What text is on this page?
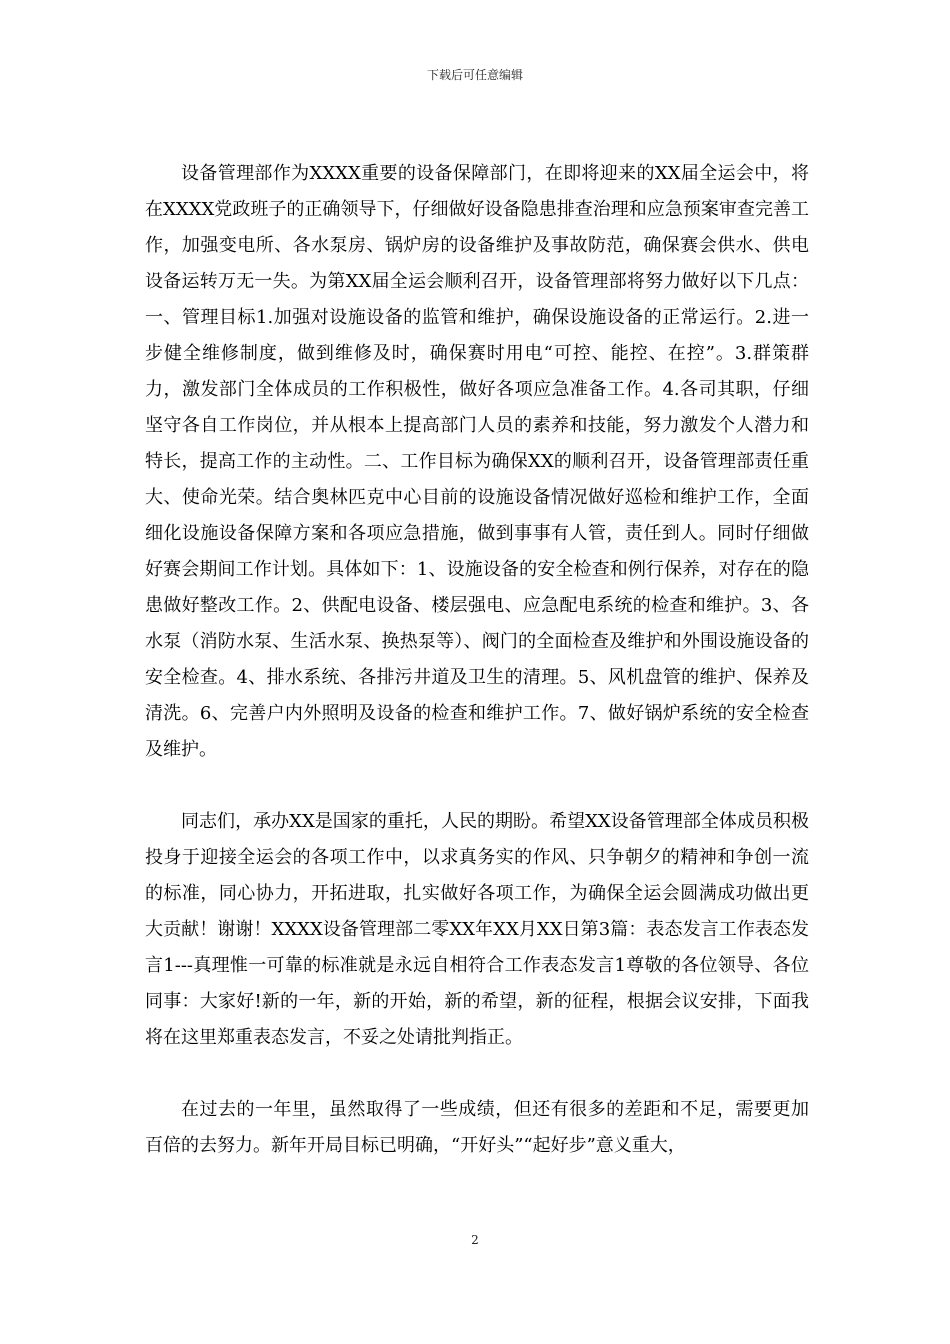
下载后可任意编辑

设备管理部作为XXXX重要的设备保障部门，在即将迎来的XX届全运会中，将在XXXX党政班子的正确领导下，仔细做好设备隐患排查治理和应急预案审查完善工作，加强变电所、各水泵房、锅炉房的设备维护及事故防范，确保赛会供水、供电设备运转万无一失。为第XX届全运会顺利召开，设备管理部将努力做好以下几点：一、管理目标1.加强对设施设备的监管和维护，确保设施设备的正常运行。2.进一步健全维修制度，做到维修及时，确保赛时用电“可控、能控、在控”。3.群策群力，激发部门全体成员的工作积极性，做好各项应急准备工作。4.各司其职，仔细坚守各自工作岗位，并从根本上提高部门人员的素养和技能，努力激发个人潜力和特长，提高工作的主动性。二、工作目标为确保XX的顺利召开，设备管理部责任重大、使命光荣。结合奥林匹克中心目前的设施设备情况做好巡检和维护工作，全面细化设施设备保障方案和各项应急措施，做到事事有人管，责任到人。同时仔细做好赛会期间工作计划。具体如下：1、设施设备的安全检查和例行保养，对存在的隐患做好整改工作。2、供配电设备、楼层强电、应急配电系统的检查和维护。3、各水泵（消防水泵、生活水泵、换热泵等）、阀门的全面检查及维护和外围设施设备的安全检查。4、排水系统、各排污井道及卫生的清理。5、风机盘管的维护、保养及清洗。6、完善户内外照明及设备的检查和维护工作。7、做好锅炉系统的安全检查及维护。

同志们，承办XX是国家的重托，人民的期盼。希望XX设备管理部全体成员积极投身于迎接全运会的各项工作中，以求真务实的作风、只争朝夕的精神和争创一流的标准，同心协力，开拓进取，扎实做好各项工作，为确保全运会圆满成功做出更大贡献！谢谢！XXXX设备管理部二零XX年XX月XX日第3篇：表态发言工作表态发言1---真理惟一可靠的标准就是永远自相符合工作表态发言1尊敬的各位领导、各位同事：大家好!新的一年，新的开始，新的希望，新的征程，根据会议安排，下面我将在这里郑重表态发言，不妥之处请批判指正。

在过去的一年里，虽然取得了一些成绩，但还有很多的差距和不足，需要更加百倍的去努力。新年开局目标已明确，“开好头”“起好步”意义重大，

2
